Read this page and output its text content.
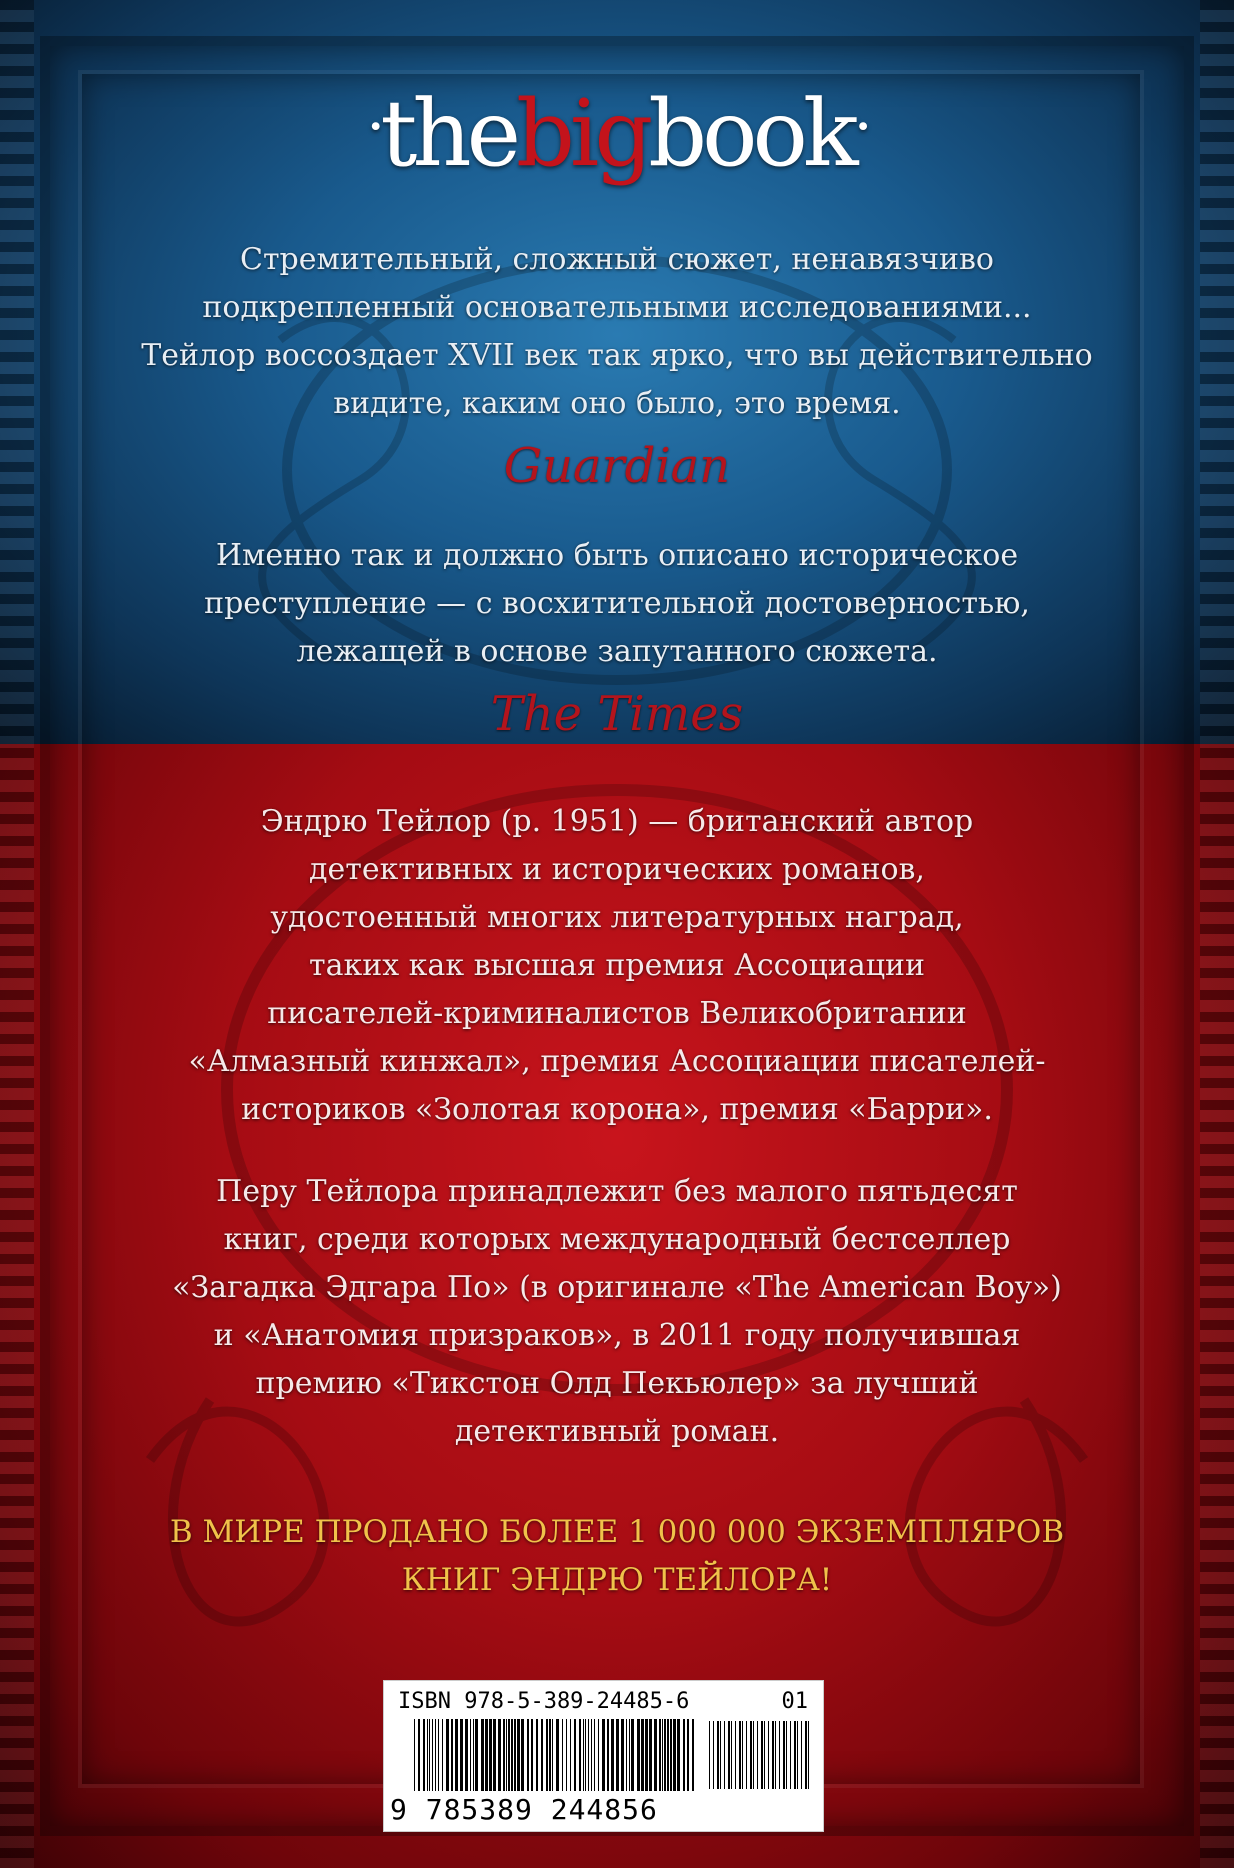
·thebigbook·
Стремительный, сложный сюжет, ненавязчиво
подкрепленный основательными исследованиями...
Тейлор воссоздает XVII век так ярко, что вы действительно
видите, каким оно было, это время.
Guardian
Именно так и должно быть описано историческое
преступление — с восхитительной достоверностью,
лежащей в основе запутанного сюжета.
The Times
Эндрю Тейлор (р. 1951) — британский автор
детективных и исторических романов,
удостоенный многих литературных наград,
таких как высшая премия Ассоциации
писателей-криминалистов Великобритании
«Алмазный кинжал», премия Ассоциации писателей-
историков «Золотая корона», премия «Барри».
Перу Тейлора принадлежит без малого пятьдесят
книг, среди которых международный бестселлер
«Загадка Эдгара По» (в оригинале «The American Boy»)
и «Анатомия призраков», в 2011 году получившая
премию «Тикстон Олд Пекьюлер» за лучший
детективный роман.
В МИРЕ ПРОДАНО БОЛЕЕ 1 000 000 ЭКЗЕМПЛЯРОВ
КНИГ ЭНДРЮ ТЕЙЛОРА!
ISBN 978-5-389-24485-6	01
9 785389 244856
